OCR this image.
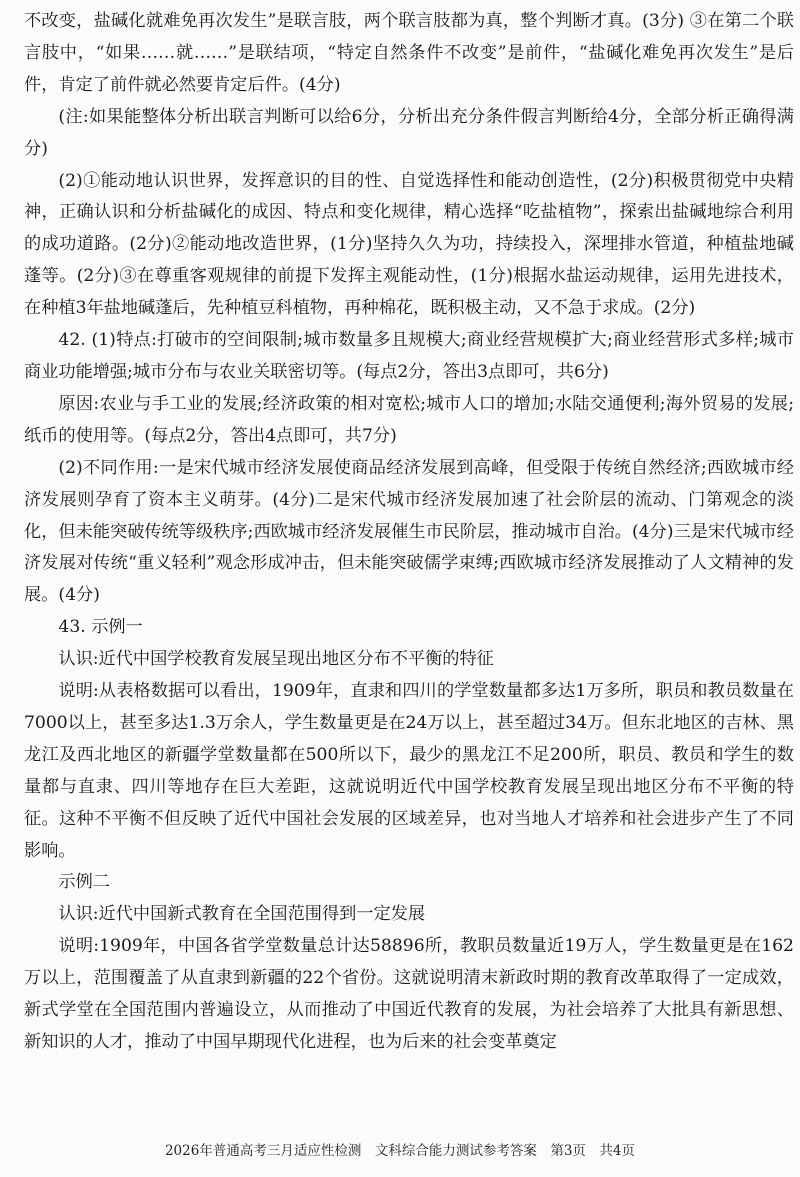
不改变，盐碱化就难免再次发生”是联言肢，两个联言肢都为真，整个判断才真。(3分) ③在第二个联言肢中，“如果……就……”是联结项，“特定自然条件不改变”是前件，“盐碱化难免再次发生”是后件，肯定了前件就必然要肯定后件。(4分)

(注:如果能整体分析出联言判断可以给6分，分析出充分条件假言判断给4分，全部分析正确得满分)

(2)①能动地认识世界，发挥意识的目的性、自觉选择性和能动创造性，(2分)积极贯彻党中央精神，正确认识和分析盐碱化的成因、特点和变化规律，精心选择“吃盐植物”，探索出盐碱地综合利用的成功道路。(2分)②能动地改造世界，(1分)坚持久久为功，持续投入，深埋排水管道，种植盐地碱蓬等。(2分)③在尊重客观规律的前提下发挥主观能动性，(1分)根据水盐运动规律，运用先进技术，在种植3年盐地碱蓬后，先种植豆科植物，再种棉花，既积极主动，又不急于求成。(2分)

42. (1)特点:打破市的空间限制;城市数量多且规模大;商业经营规模扩大;商业经营形式多样;城市商业功能增强;城市分布与农业关联密切等。(每点2分，答出3点即可，共6分)

原因:农业与手工业的发展;经济政策的相对宽松;城市人口的增加;水陆交通便利;海外贸易的发展;纸币的使用等。(每点2分，答出4点即可，共7分)

(2)不同作用:一是宋代城市经济发展使商品经济发展到高峰，但受限于传统自然经济;西欧城市经济发展则孕育了资本主义萌芽。(4分)二是宋代城市经济发展加速了社会阶层的流动、门第观念的淡化，但未能突破传统等级秩序;西欧城市经济发展催生市民阶层，推动城市自治。(4分)三是宋代城市经济发展对传统“重义轻利”观念形成冲击，但未能突破儒学束缚;西欧城市经济发展推动了人文精神的发展。(4分)

43. 示例一

认识:近代中国学校教育发展呈现出地区分布不平衡的特征

说明:从表格数据可以看出，1909年，直隶和四川的学堂数量都多达1万多所，职员和教员数量在7000以上，甚至多达1.3万余人，学生数量更是在24万以上，甚至超过34万。但东北地区的吉林、黑龙江及西北地区的新疆学堂数量都在500所以下，最少的黑龙江不足200所，职员、教员和学生的数量都与直隶、四川等地存在巨大差距，这就说明近代中国学校教育发展呈现出地区分布不平衡的特征。这种不平衡不但反映了近代中国社会发展的区域差异，也对当地人才培养和社会进步产生了不同影响。

示例二

认识:近代中国新式教育在全国范围得到一定发展

说明:1909年，中国各省学堂数量总计达58896所，教职员数量近19万人，学生数量更是在162万以上，范围覆盖了从直隶到新疆的22个省份。这就说明清末新政时期的教育改革取得了一定成效，新式学堂在全国范围内普遍设立，从而推动了中国近代教育的发展，为社会培养了大批具有新思想、新知识的人才，推动了中国早期现代化进程，也为后来的社会变革奠定

2026年普通高考三月适应性检测　文科综合能力测试参考答案　第3页　共4页
